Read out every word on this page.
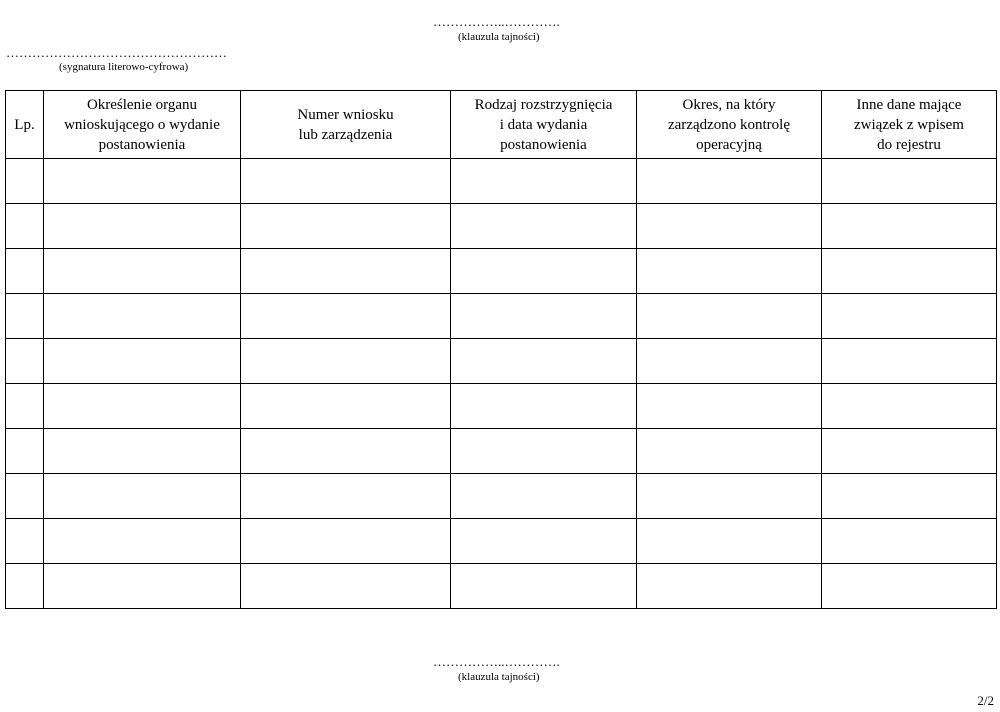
……………..………….
(klauzula tajności)
……………………………………………
(sygnatura literowo-cyfrowa)
Lp.	Określenie organu
wnioskującego o wydanie
postanowienia	Numer wniosku
lub zarządzenia	Rodzaj rozstrzygnięcia
i data wydania
postanowienia	Okres, na który
zarządzono kontrolę
operacyjną	Inne dane mające
związek z wpisem
do rejestru

……………..………….
(klauzula tajności)
2/2
